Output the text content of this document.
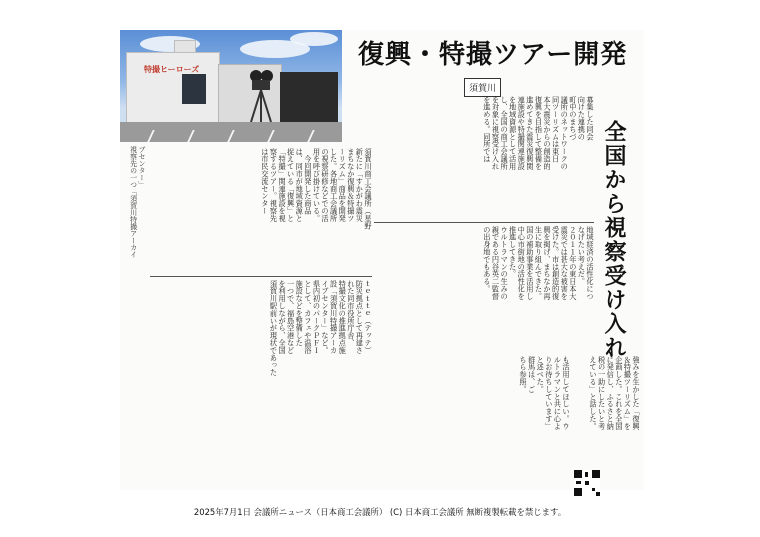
特撮ヒーローズ	復興・特撮ツアー開発
須賀川
全国から視察受け入れ
ブセンター」
視察先の一つ「須賀川特撮アーカイ	須賀川商工会議所（星野
新たに「すかがわ震災
まちなか復興＆特撮ツ
ーリズム」商品を開発
した。各地商工会議所
の視察研修などでの活
用を呼び掛けている。
　今回開発した商品
は、同市が地域資源と
捉えている「復興」と
「特撮」関連施設を視
察するツアー。視察先
は市民交流センター
ｔｅｔｔｅ（テッテ）
防災拠点として再建さ
れた同市役所庁舎、
特撮文化の推進拠点施
設「須賀川特撮アーカ
イブセンター」など。
県内初のパークＰＦＩ
として、カフェや温浴
施設などを整備した
一つで、福島空港など
を利用しながら、全国
須賀川駅前いが現状であった
募集した同会
向けた連携の
町中のまちづ
議所のネットワークの
同ツーリズムは東日
本大震災からの創造的
復興を目指して整備を
進めてきた震災復興関
連施設や特撮関連施設
を地域資源として活用
し、全国の商工会議所
を対象に視察受け入れ
を進める。同所では
地域経済の活性化につ
なげたい考えだ。
２０１１年の東日本大
震災では甚大な被害を
受けた。市は創造的復
興を掲げ、まちなか再
生に取り組んできた。
国の補助事業を活用し
中心市街地の活性化を
推進してきた。
ウルトラマンの生みの
親である円谷英二監督
の出身地でもある。
強みを生かした「復興
＆特撮ツーリズム」を
企画した。これを全国
に発信し、ふるさと納
税の一助にしたいと考
えている」と話した。
も活用してほしい。ウ
ルトラマンと共に心よ
りお待ちしています」
と述べた。
群馬は、ご
ちら参照。
2025年7月1日 会議所ニュース（日本商工会議所） (C) 日本商工会議所 無断複製転載を禁じます。
